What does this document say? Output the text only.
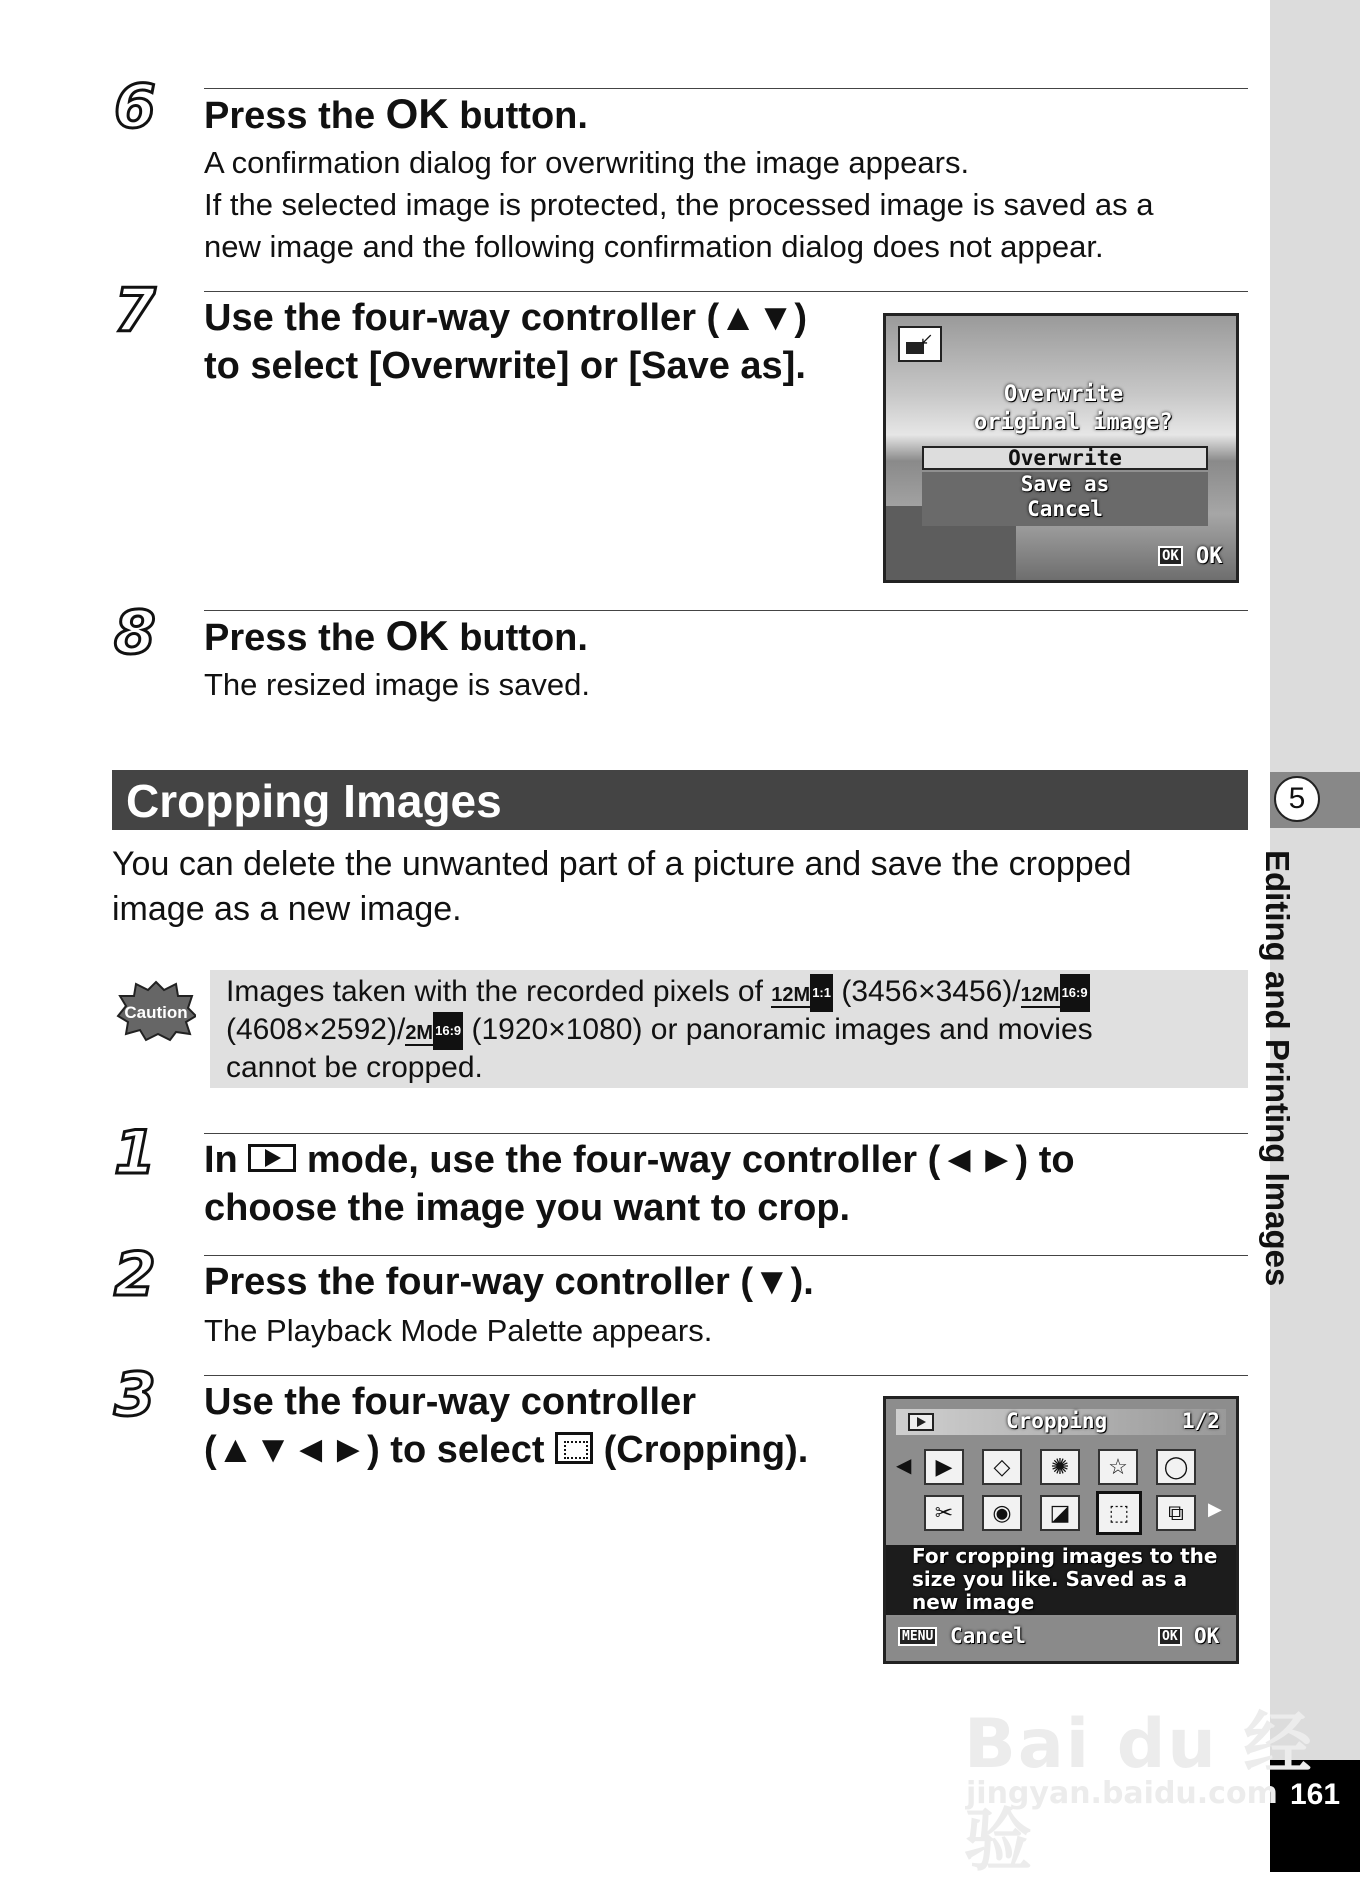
5
Editing and Printing Images
161
6 Press the OK button.
A confirmation dialog for overwriting the image appears.
If the selected image is protected, the processed image is saved as a
new image and the following confirmation dialog does not appear.
7 Use the four-way controller (▲▼)
to select [Overwrite] or [Save as].
↙
Overwrite
original image?
Overwrite
Save as
Cancel
OK OK
8 Press the OK button.
The resized image is saved.
Cropping Images
You can delete the unwanted part of a picture and save the cropped
image as a new image.
Caution
Images taken with the recorded pixels of 12M 1:1 (3456×3456)/12M 16:9
(4608×2592)/2M 16:9 (1920×1080) or panoramic images and movies
cannot be cropped.
1 In
mode, use the four-way controller (◄►) to
choose the image you want to crop.
2 Press the four-way controller (▼).
The Playback Mode Palette appears.
3 Use the four-way controller
(▲▼◄►) to select
(Cropping).
Cropping	1/2
◀
▶
▶	◇	✺	☆	◯
✂	◉	◪	⬚	⧉
For cropping images to the
size you like. Saved as a
new image
MENU Cancel	OK OK
Bai du 经验
jingyan.baidu.com
